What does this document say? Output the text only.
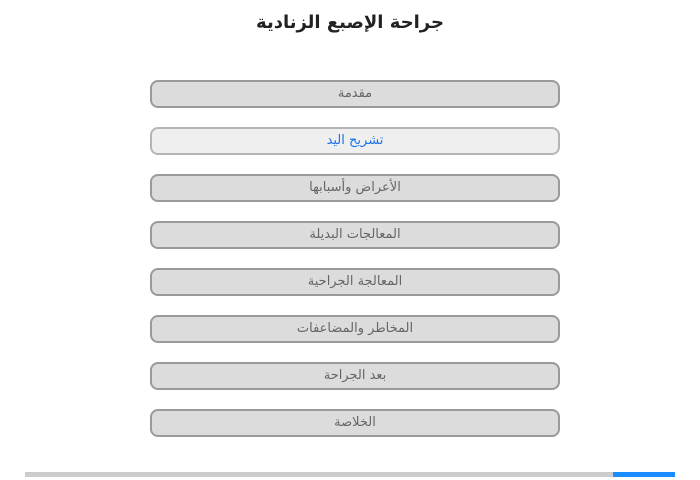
جراحة الإصبع الزنادية
مقدمة
تشريح اليد
الأعراض وأسبابها
المعالجات البديلة
المعالجة الجراحية
المخاطر والمضاعفات
بعد الجراحة
الخلاصة
